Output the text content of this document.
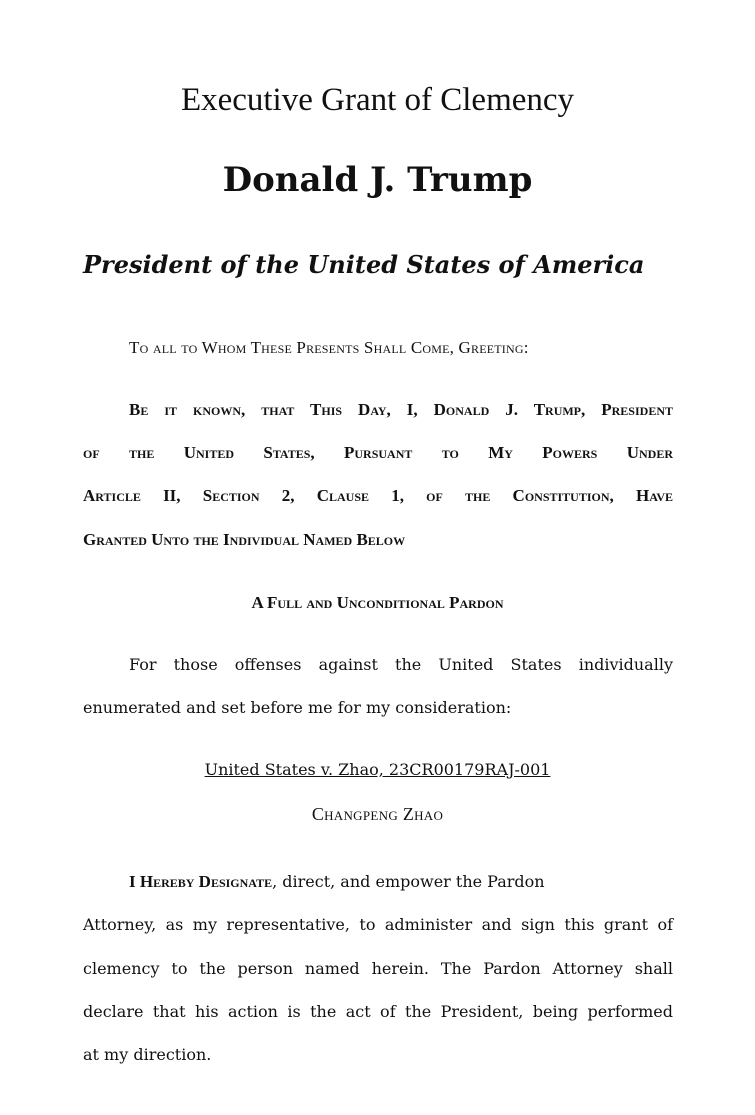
Executive Grant of Clemency
Donald J. Trump

President of the United States of America

To all to Whom These Presents Shall Come, Greeting:

Be it known, that This Day, I, Donald J. Trump, President

of the United States, Pursuant to My Powers Under

Article II, Section 2, Clause 1, of the Constitution, Have

Granted Unto the Individual Named Below

A Full and Unconditional Pardon

For those offenses against the United States individually

enumerated and set before me for my consideration:

United States v. Zhao, 23CR00179RAJ-001

Changpeng Zhao

I Hereby Designate, direct, and empower the Pardon

Attorney, as my representative, to administer and sign this grant of

clemency to the person named herein. The Pardon Attorney shall

declare that his action is the act of the President, being performed

at my direction.
